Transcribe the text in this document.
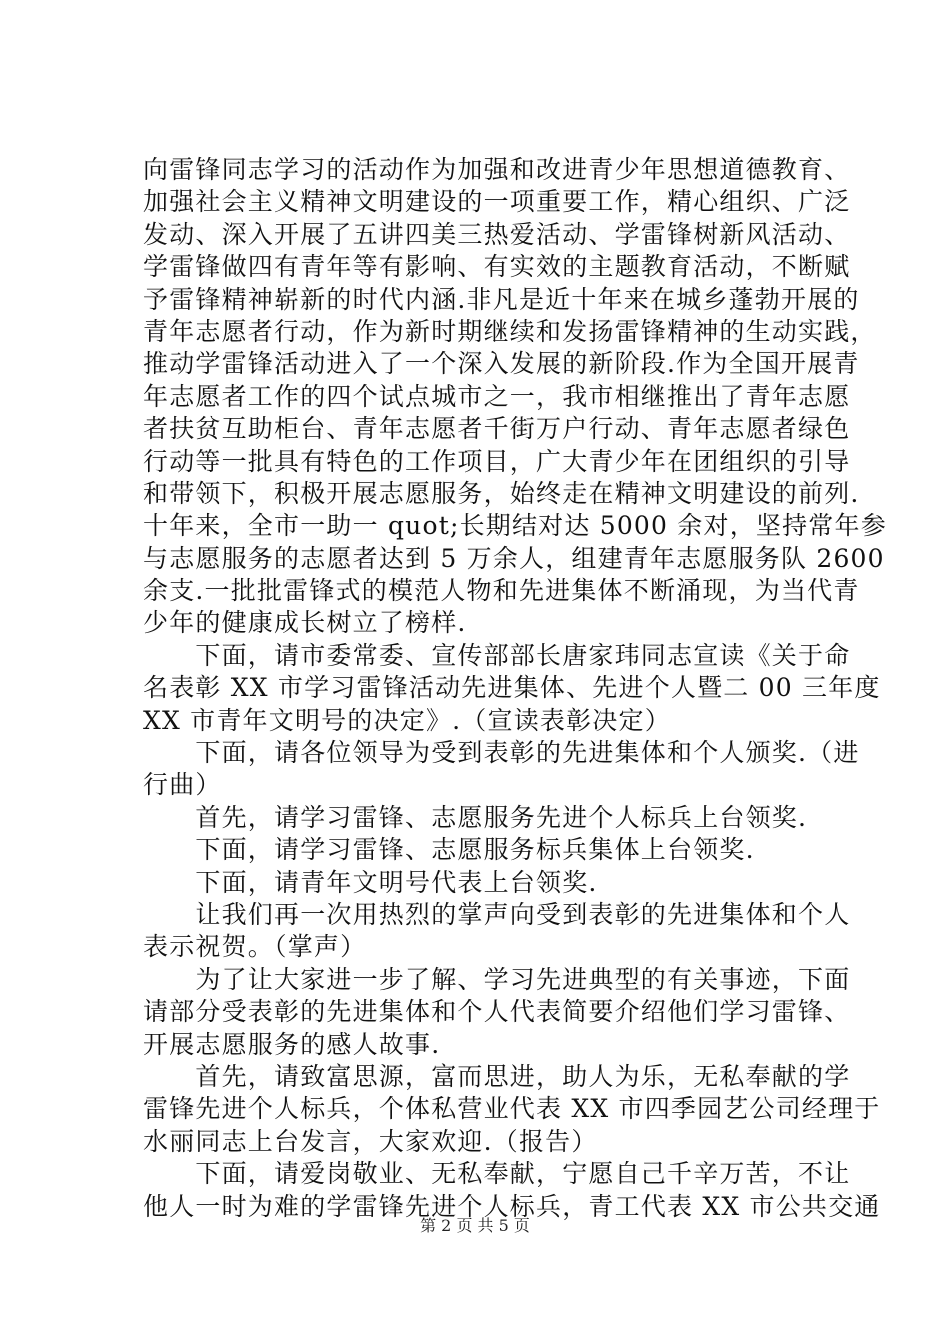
向雷锋同志学习的活动作为加强和改进青少年思想道德教育、
加强社会主义精神文明建设的一项重要工作，精心组织、广泛
发动、深入开展了五讲四美三热爱活动、学雷锋树新风活动、
学雷锋做四有青年等有影响、有实效的主题教育活动，不断赋
予雷锋精神崭新的时代内涵.非凡是近十年来在城乡蓬勃开展的
青年志愿者行动，作为新时期继续和发扬雷锋精神的生动实践，
推动学雷锋活动进入了一个深入发展的新阶段.作为全国开展青
年志愿者工作的四个试点城市之一，我市相继推出了青年志愿
者扶贫互助柜台、青年志愿者千街万户行动、青年志愿者绿色
行动等一批具有特色的工作项目，广大青少年在团组织的引导
和带领下，积极开展志愿服务，始终走在精神文明建设的前列.
十年来，全市一助一 quot;长期结对达 5000 余对，坚持常年参
与志愿服务的志愿者达到 5 万余人，组建青年志愿服务队 2600
余支.一批批雷锋式的模范人物和先进集体不断涌现，为当代青
少年的健康成长树立了榜样.
　　下面，请市委常委、宣传部部长唐家玮同志宣读《关于命
名表彰 XX 市学习雷锋活动先进集体、先进个人暨二 00 三年度
XX 市青年文明号的决定》.（宣读表彰决定）
　　下面，请各位领导为受到表彰的先进集体和个人颁奖.（进
行曲）
　　首先，请学习雷锋、志愿服务先进个人标兵上台领奖.
　　下面，请学习雷锋、志愿服务标兵集体上台领奖.
　　下面，请青年文明号代表上台领奖.
　　让我们再一次用热烈的掌声向受到表彰的先进集体和个人
表示祝贺。（掌声）
　　为了让大家进一步了解、学习先进典型的有关事迹，下面
请部分受表彰的先进集体和个人代表简要介绍他们学习雷锋、
开展志愿服务的感人故事.
　　首先，请致富思源，富而思进，助人为乐，无私奉献的学
雷锋先进个人标兵，个体私营业代表 XX 市四季园艺公司经理于
水丽同志上台发言，大家欢迎.（报告）
　　下面，请爱岗敬业、无私奉献，宁愿自己千辛万苦，不让
他人一时为难的学雷锋先进个人标兵，青工代表 XX 市公共交通
第 2 页 共 5 页
